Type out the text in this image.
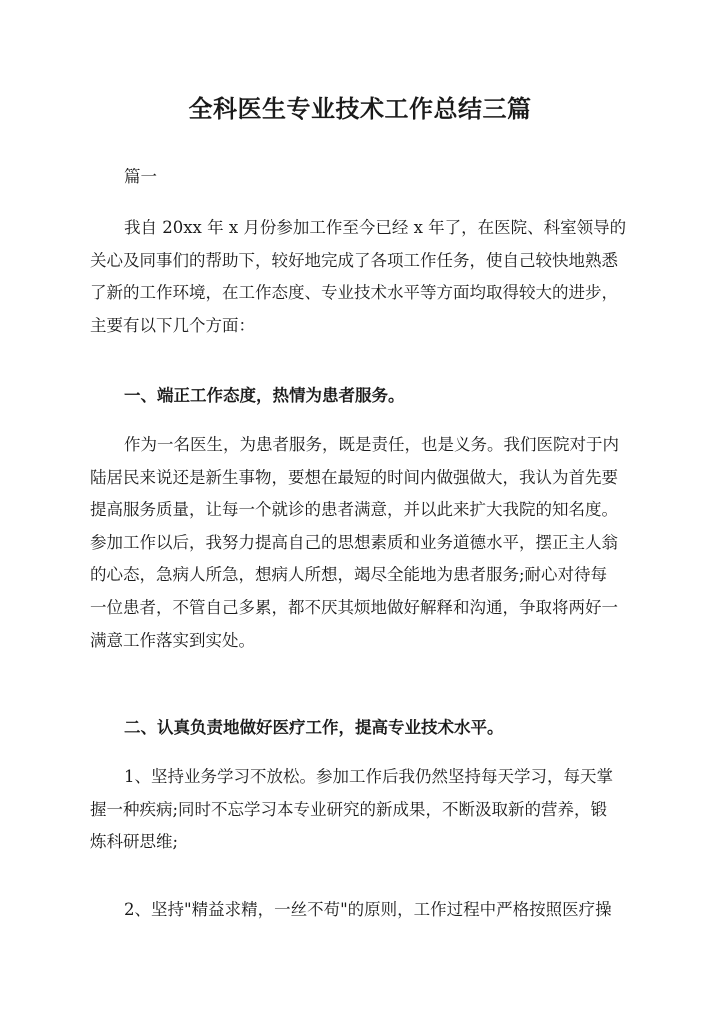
全科医生专业技术工作总结三篇

篇一

我自 20xx 年 x 月份参加工作至今已经 x 年了，在医院、科室领导的
关心及同事们的帮助下，较好地完成了各项工作任务，使自己较快地熟悉
了新的工作环境，在工作态度、专业技术水平等方面均取得较大的进步，
主要有以下几个方面：
一、端正工作态度，热情为患者服务。
作为一名医生，为患者服务，既是责任，也是义务。我们医院对于内
陆居民来说还是新生事物，要想在最短的时间内做强做大，我认为首先要
提高服务质量，让每一个就诊的患者满意，并以此来扩大我院的知名度。
参加工作以后，我努力提高自己的思想素质和业务道德水平，摆正主人翁
的心态，急病人所急，想病人所想，竭尽全能地为患者服务;耐心对待每
一位患者，不管自己多累，都不厌其烦地做好解释和沟通，争取将两好一
满意工作落实到实处。
二、认真负责地做好医疗工作，提高专业技术水平。
1、坚持业务学习不放松。参加工作后我仍然坚持每天学习，每天掌
握一种疾病;同时不忘学习本专业研究的新成果，不断汲取新的营养，锻
炼科研思维;
2、坚持"精益求精，一丝不苟"的原则，工作过程中严格按照医疗操
